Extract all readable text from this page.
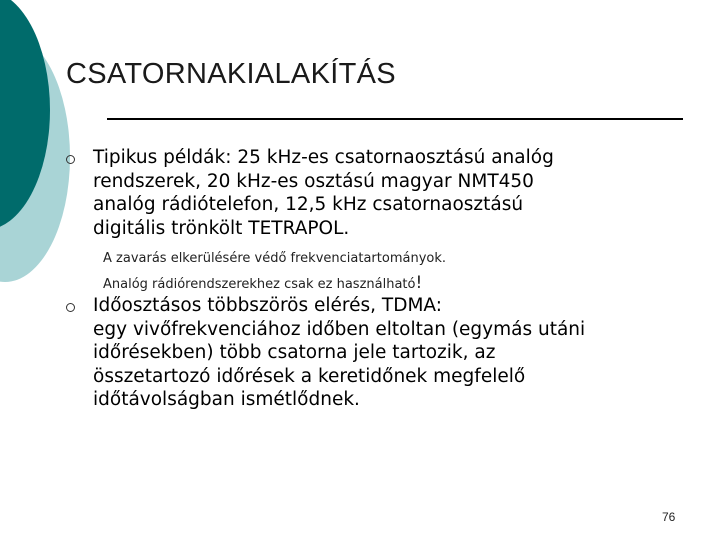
CSATORNAKIALAKÍTÁS
Tipikus példák: 25 kHz-es csatornaosztású analóg
rendszerek, 20 kHz-es osztású magyar NMT450
analóg rádiótelefon, 12,5 kHz csatornaosztású
digitális trönkölt TETRAPOL.
A zavarás elkerülésére védő frekvenciatartományok.
Analóg rádiórendszerekhez csak ez használható!
Időosztásos többszörös elérés, TDMA:
egy vivőfrekvenciához időben eltoltan (egymás utáni
időrésekben) több csatorna jele tartozik, az
összetartozó időrések a keretidőnek megfelelő
időtávolságban ismétlődnek.
76
